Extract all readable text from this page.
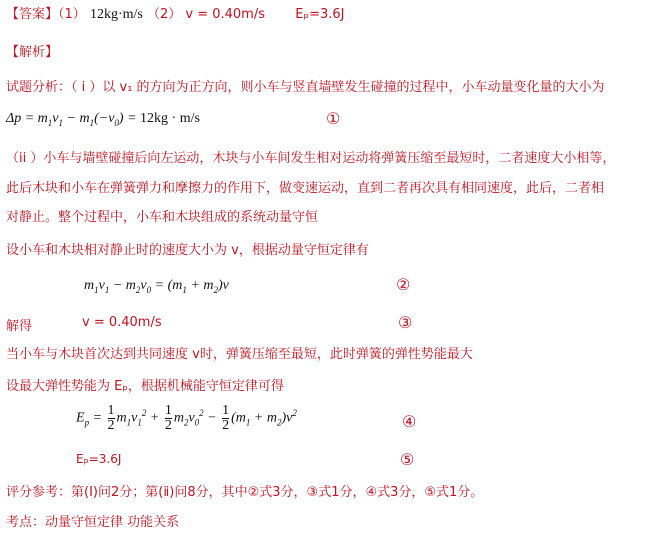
【答案】（1） 12kg·m/s （2） v = 0.40m/s Eₚ=3.6J
【解析】
试题分析：（ i ）以 v₁ 的方向为正方向，则小车与竖直墙壁发生碰撞的过程中，小车动量变化量的大小为
$\Delta p = m_1v_1 - m_1(-v_0) = 12kg \cdot m/s$	①
（ii ）小车与墙壁碰撞后向左运动，木块与小车间发生相对运动将弹簧压缩至最短时，二者速度大小相等，
此后木块和小车在弹簧弹力和摩擦力的作用下，做变速运动，直到二者再次具有相同速度，此后，二者相
对静止。整个过程中，小车和木块组成的系统动量守恒
设小车和木块相对静止时的速度大小为 v，根据动量守恒定律有
$m_1v_1 - m_2v_0 = (m_1 + m_2)v$	②
解得	v = 0.40m/s	③
当小车与木块首次达到共同速度 v时，弹簧压缩至最短，此时弹簧的弹性势能最大
设最大弹性势能为 Eₚ，根据机械能守恒定律可得
$E_p = \frac{1}{2} m_1v_1^2 + \frac{1}{2} m_2v_0^2 - \frac{1}{2} (m_1 + m_2)v^2$
④
Eₚ=3.6J	⑤
评分参考：第(I)问2分；第(ⅱ)问8分，其中②式3分，③式1分，④式3分，⑤式1分。
考点：动量守恒定律 功能关系
